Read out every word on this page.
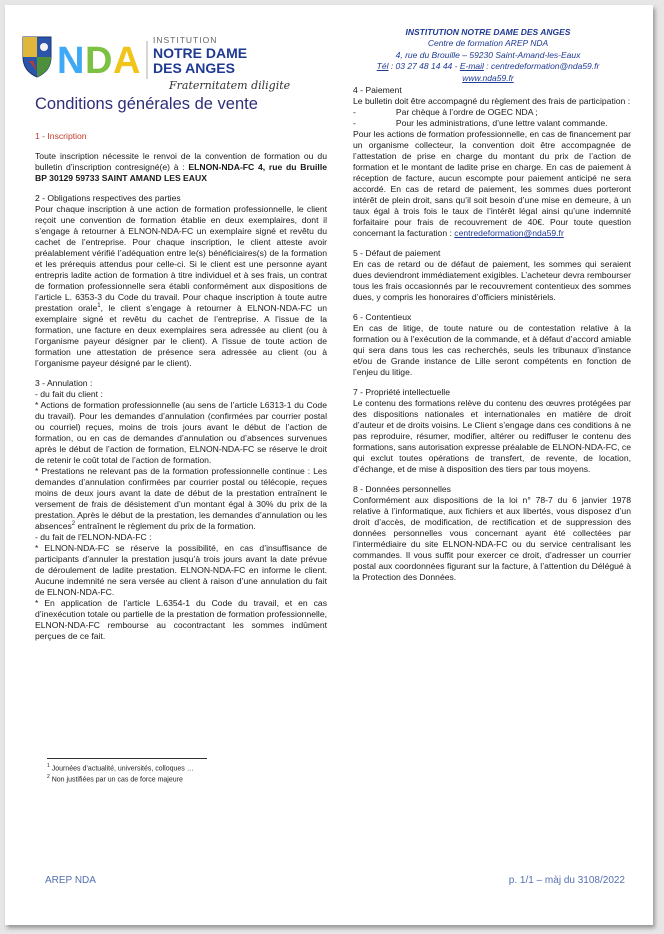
N D A INSTITUTION
NOTRE DAME
DES ANGES
Fraternitatem diligite
INSTITUTION NOTRE DAME DES ANGES
Centre de formation AREP NDA
4, rue du Brouille – 59230 Saint-Amand-les-Eaux
Tél : 03 27 48 14 44 - E-mail : centredeformation@nda59.fr
www.nda59.fr
Conditions générales de vente

1 - Inscription

Toute inscription nécessite le renvoi de la convention de formation ou du bulletin d’inscription contresigné(e) à : ELNON-NDA-FC 4, rue du Bruille BP 30129 59733 SAINT AMAND LES EAUX

2 - Obligations respectives des parties

Pour chaque inscription à une action de formation professionnelle, le client reçoit une convention de formation établie en deux exemplaires, dont il s’engage à retourner à ELNON-NDA-FC un exemplaire signé et revêtu du cachet de l’entreprise. Pour chaque inscription, le client atteste avoir préalablement vérifié l’adéquation entre le(s) bénéficiaires(s) de la formation et les prérequis attendus pour celle-ci. Si le client est une personne ayant entrepris ladite action de formation à titre individuel et à ses frais, un contrat de formation professionnelle sera établi conformément aux dispositions de l’article L. 6353-3 du Code du travail. Pour chaque inscription à toute autre prestation orale$^1$, le client s’engage à retourner à ELNON-NDA-FC un exemplaire signé et revêtu du cachet de l’entreprise. A l’issue de la formation, une facture en deux exemplaires sera adressée au client (ou à l’organisme payeur désigner par le client). A l’issue de toute action de formation une attestation de présence sera adressée au client (ou à l’organisme payeur désigné par le client).

3 - Annulation :

- du fait du client :

* Actions de formation professionnelle (au sens de l’article L6313-1 du Code du travail). Pour les demandes d’annulation (confirmées par courrier postal ou courriel) reçues, moins de trois jours avant le début de l’action de formation, ou en cas de demandes d’annulation ou d’absences survenues après le début de l’action de formation, ELNON-NDA-FC se réserve le droit de retenir le coût total de l’action de formation.

* Prestations ne relevant pas de la formation professionnelle continue : Les demandes d’annulation confirmées par courrier postal ou télécopie, reçues moins de deux jours avant la date de début de la prestation entraînent le versement de frais de désistement d’un montant égal à 30% du prix de la prestation. Après le début de la prestation, les demandes d’annulation ou les absences$^2$ entraînent le règlement du prix de la formation.

- du fait de l’ELNON-NDA-FC :

* ELNON-NDA-FC se réserve la possibilité, en cas d’insuffisance de participants d’annuler la prestation jusqu’à trois jours avant la date prévue de déroulement de ladite prestation. ELNON-NDA-FC en informe le client. Aucune indemnité ne sera versée au client à raison d’une annulation du fait de ELNON-NDA-FC.

* En application de l’article L.6354-1 du Code du travail, et en cas d’inexécution totale ou partielle de la prestation de formation professionnelle, ELNON-NDA-FC rembourse au cocontractant les sommes indûment perçues de ce fait.

4 - Paiement

Le bulletin doit être accompagné du règlement des frais de participation :

-	Par chèque à l’ordre de OGEC NDA ;

-	Pour les administrations, d’une lettre valant commande.

Pour les actions de formation professionnelle, en cas de financement par un organisme collecteur, la convention doit être accompagnée de l’attestation de prise en charge du montant du prix de l’action de formation et le montant de ladite prise en charge. En cas de paiement à réception de facture, aucun escompte pour paiement anticipé ne sera accordé. En cas de retard de paiement, les sommes dues porteront intérêt de plein droit, sans qu’il soit besoin d’une mise en demeure, à un taux égal à trois fois le taux de l’intérêt légal ainsi qu’une indemnité forfaitaire pour frais de recouvrement de 40€. Pour toute question concernant la facturation : centredeformation@nda59.fr

5 - Défaut de paiement

En cas de retard ou de défaut de paiement, les sommes qui seraient dues deviendront immédiatement exigibles. L’acheteur devra rembourser tous les frais occasionnés par le recouvrement contentieux des sommes dues, y compris les honoraires d’officiers ministériels.

6 - Contentieux

En cas de litige, de toute nature ou de contestation relative à la formation ou à l’exécution de la commande, et à défaut d’accord amiable qui sera dans tous les cas recherchés, seuls les tribunaux d’instance et/ou de Grande instance de Lille seront compétents en fonction de l’enjeu du litige.

7 - Propriété intellectuelle

Le contenu des formations relève du contenu des œuvres protégées par des dispositions nationales et internationales en matière de droit d’auteur et de droits voisins. Le Client s’engage dans ces conditions à ne pas reproduire, résumer, modifier, altérer ou rediffuser le contenu des formations, sans autorisation expresse préalable de ELNON-NDA-FC, ce qui exclut toutes opérations de transfert, de revente, de location, d’échange, et de mise à disposition des tiers par tous moyens.

8 - Données personnelles

Conformément aux dispositions de la loi n° 78-7 du 6 janvier 1978 relative à l’informatique, aux fichiers et aux libertés, vous disposez d’un droit d’accès, de modification, de rectification et de suppression des données personnelles vous concernant ayant été collectées par l’intermédiaire du site ELNON-NDA-FC ou du service centralisant les commandes. Il vous suffit pour exercer ce droit, d’adresser un courrier postal aux coordonnées figurant sur la facture, à l’attention du Délégué à la Protection des Données.

$^1$ Journées d’actualité, universités, colloques …
$^2$ Non justifiées par un cas de force majeure
AREP NDA	p. 1/1 – màj du 3108/2022
